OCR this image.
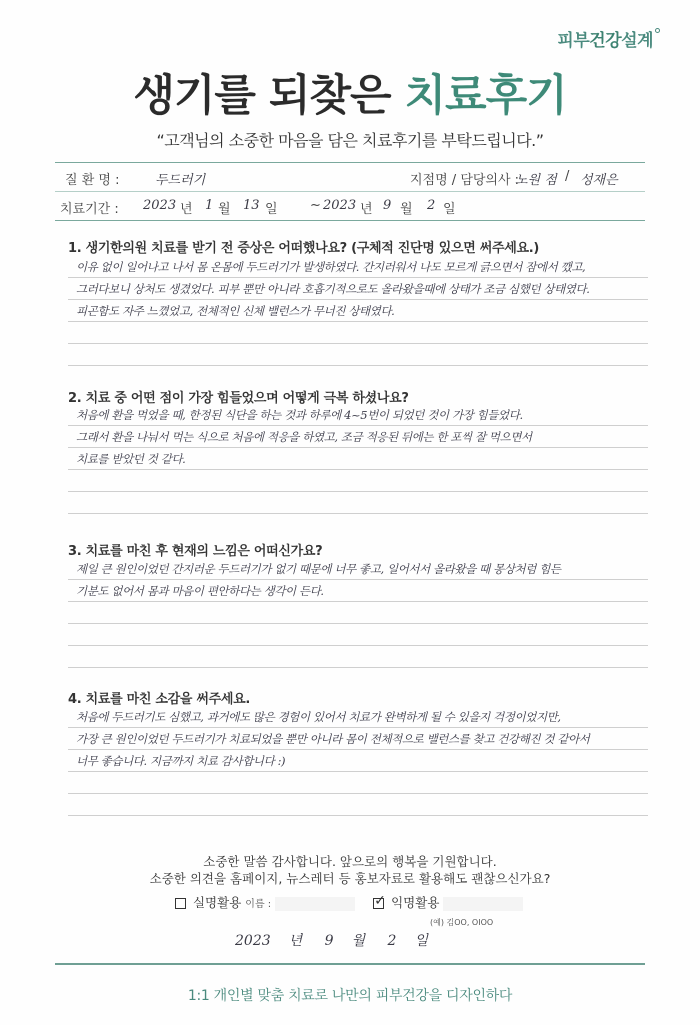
피부건강설계
생기를 되찾은 치료후기
“고객님의 소중한 마음을 담은 치료후기를 부탁드립니다.”
질 환 명 :	두드러기	지점명 / 담당의사 :
노원 점 / 성재은
치료기간 : 2023 년 1 월 13 일 ~ 2023 년 9 월 2 일
1. 생기한의원 치료를 받기 전 증상은 어떠했나요? (구체적 진단명 있으면 써주세요.)
이유 없이 일어나고 나서 몸 온몸에 두드러기가 발생하였다. 간지러워서 나도 모르게 긁으면서 잠에서 깼고,
그러다보니 상처도 생겼었다. 피부 뿐만 아니라 호흡기적으로도 올라왔을때에 상태가 조금 심했던 상태였다.
피곤함도 자주 느꼈었고, 전체적인 신체 밸런스가 무너진 상태였다.
2. 치료 중 어떤 점이 가장 힘들었으며 어떻게 극복 하셨나요?
처음에 환을 먹었을 때, 한정된 식단을 하는 것과 하루에 4~5번이 되었던 것이 가장 힘들었다.
그래서 환을 나눠서 먹는 식으로 처음에 적응을 하였고, 조금 적응된 뒤에는 한 포씩 잘 먹으면서
치료를 받았던 것 같다.
3. 치료를 마친 후 현재의 느낌은 어떠신가요?
제일 큰 원인이었던 간지러운 두드러기가 없기 때문에 너무 좋고, 일어서서 올라왔을 때 몽상처럼 힘든
기분도 없어서 몸과 마음이 편안하다는 생각이 든다.
4. 치료를 마친 소감을 써주세요.
처음에 두드러기도 심했고, 과거에도 많은 경험이 있어서 치료가 완벽하게 될 수 있을지 걱정이었지만,
가장 큰 원인이었던 두드러기가 치료되었을 뿐만 아니라 몸이 전체적으로 밸런스를 찾고 건강해진 것 같아서
너무 좋습니다. 지금까지 치료 감사합니다 :)
소중한 말씀 감사합니다. 앞으로의 행복을 기원합니다.
소중한 의견을 홈페이지, 뉴스레터 등 홍보자료로 활용해도 괜찮으신가요?
실명활용 이름 :  ✓	익명활용
(예) 김OO, OIOO
2023 년 9 월 2 일
1:1 개인별 맞춤 치료로 나만의 피부건강을 디자인하다
